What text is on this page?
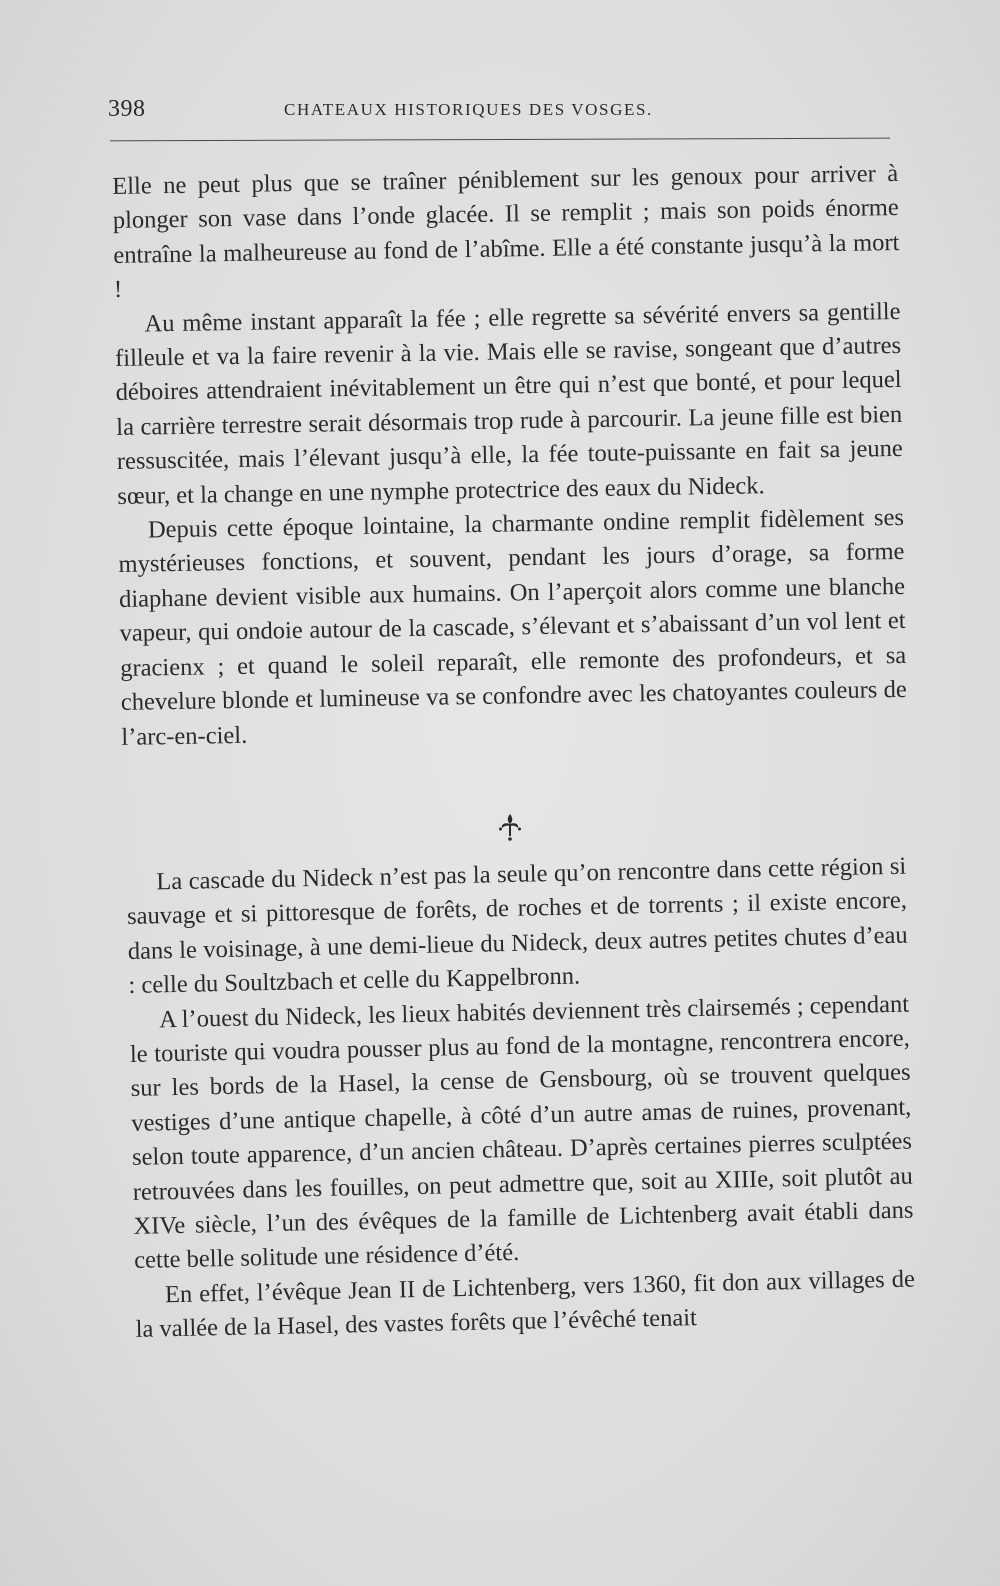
398	CHATEAUX HISTORIQUES DES VOSGES.

Elle ne peut plus que se traîner péniblement sur les genoux pour arriver à plonger son vase dans l’onde glacée. Il se remplit ; mais son poids énorme entraîne la malheureuse au fond de l’abîme. Elle a été constante jusqu’à la mort !

Au même instant apparaît la fée ; elle regrette sa sévérité envers sa gentille filleule et va la faire revenir à la vie. Mais elle se ravise, songeant que d’autres déboires attendraient inévitablement un être qui n’est que bonté, et pour lequel la carrière terrestre serait désormais trop rude à parcourir. La jeune fille est bien ressuscitée, mais l’élevant jusqu’à elle, la fée toute-puissante en fait sa jeune sœur, et la change en une nymphe protectrice des eaux du Nideck.

Depuis cette époque lointaine, la charmante ondine remplit fidèlement ses mystérieuses fonctions, et souvent, pendant les jours d’orage, sa forme diaphane devient visible aux humains. On l’aperçoit alors comme une blanche vapeur, qui ondoie autour de la cascade, s’élevant et s’abaissant d’un vol lent et gracienx ; et quand le soleil reparaît, elle remonte des profondeurs, et sa chevelure blonde et lumineuse va se confondre avec les chatoyantes couleurs de l’arc-en-ciel.

La cascade du Nideck n’est pas la seule qu’on rencontre dans cette région si sauvage et si pittoresque de forêts, de roches et de torrents ; il existe encore, dans le voisinage, à une demi-lieue du Nideck, deux autres petites chutes d’eau : celle du Soultzbach et celle du Kappelbronn.

A l’ouest du Nideck, les lieux habités deviennent très clairsemés ; cependant le touriste qui voudra pousser plus au fond de la montagne, rencontrera encore, sur les bords de la Hasel, la cense de Gensbourg, où se trouvent quelques vestiges d’une antique chapelle, à côté d’un autre amas de ruines, provenant, selon toute apparence, d’un ancien château. D’après certaines pierres sculptées retrouvées dans les fouilles, on peut admettre que, soit au XIIIe, soit plutôt au XIVe siècle, l’un des évêques de la famille de Lichtenberg avait établi dans cette belle solitude une résidence d’été.

En effet, l’évêque Jean II de Lichtenberg, vers 1360, fit don aux villages de la vallée de la Hasel, des vastes forêts que l’évêché tenait
